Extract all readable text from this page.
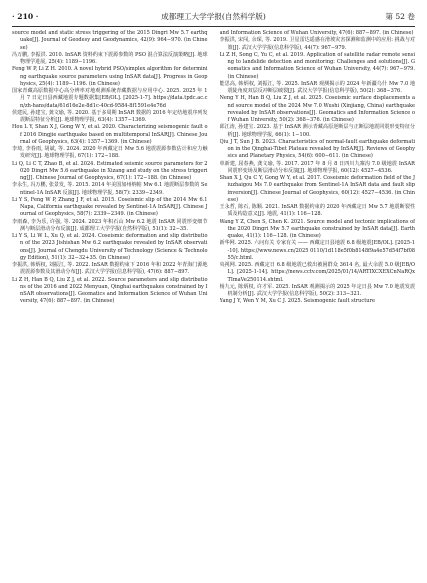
· 210 ·	成都理工大学学报(自然科学版)	第 52 卷

source model and static stress triggering of the 2015 Dingri Mw 5.7 earthquake[J]. Journal of Geodesy and Geodynamics, 42(9): 964−970. (in Chinese)

冯万鹏, 李振洪. 2010. InSAR 资料约束下震源参数的 PSO 混合算法反演策略[J]. 地球物理学进展, 25(4): 1189−1196.

Feng W P, Li Z H. 2010. A novel hybrid PSO/simplex algorithm for determining earthquake source parameters using InSAR data[J]. Progress in Geophysics, 25(4): 1189−1196. (in Chinese)

国家青藏高原数据中心高分辨率对地观测系统青藏数据与应用中心. 2025. 2025 年 1 月 7 日定日县西藏地震专题数据集[EB/OL]. [2025-1-7]. https://data.tpdc.ac.cn/zh-hans/data/61d16e2e-8d1c-40cd-9584-8f1591e4e76d

侯建民, 孙建宝, 龚文瑜, 等. 2020. 基于多周期 InSAR 数据的 2016 年定结地震序列发震断层特征分析[J]. 地球物理学报, 63(4): 1357−1369.

Hou L Y, Shan X J, Gong W Y, et al. 2020. Characterizing seismogenic fault of 2016 Dingjie earthquake based on multitemporal InSAR[J]. Chinese Journal of Geophysics, 63(4): 1357−1369. (in Chinese)

李琦, 李春雨, 胡斌, 等. 2024. 2020 年西藏定日 Mw 5.6 地震震源参数估计和应力触发研究[J]. 地球物理学报, 67(1): 172−188.

Li Q, Li C T, Zhao B, et al. 2024. Estimated seismic source parameters for 2020 Dingri Mw 5.6 earthquake in Xizang and study on the stress triggering[J]. Chinese Journal of Geophysics, 67(1): 172−188. (in Chinese)

李永生, 冯万鹏, 张景发, 等. 2015. 2014 年美国加州纳帕 Mw 6.1 地震断层参数的 Sentinel-1A InSAR 反演[J]. 地球物理学报, 58(7): 2339−2349.

Li Y S, Feng W P, Zhang J F, et al. 2015. Coseismic slip of the 2014 Mw 6.1 Napa, California earthquake revealed by Sentinel-1A InSAR[J]. Chinese Journal of Geophysics, 58(7): 2339−2349. (in Chinese)

李雨森, 李为乐, 许强, 等. 2024. 2023 年积石山 Mw 6.2 地震 InSAR 同震形变细节测与断层滑动分布反演[J]. 成都理工大学学报(自然科学版), 51(1): 32−35.

Li Y S, Li W L, Xu Q, et al. 2024. Coseismic deformation and slip distribution of the 2023 Jishishan Mw 6.2 earthquake revealed by InSAR observations[J]. Journal of Chengdu University of Technology (Science & Technology Edition), 51(1): 32−32+35. (in Chinese)

李振洪, 韩炳权, 刘振江, 等. 2022. InSAR 数据约束下 2016 年和 2022 年青海门源地震震源参数及其滑动分布[J]. 武汉大学学报(信息科学版), 47(6): 887−897.

Li Z H, Han B Q, Liu Z J, et al. 2022. Source parameters and slip distributions of the 2016 and 2022 Menyuan, Qinghai earthquakes constrained by InSAR observations[J]. Geomatics and Information Science of Wuhan University, 47(6): 887−897. (in Chinese)

and Information Science of Wuhan University, 47(6): 887−897. (in Chinese)

李振洪, 宋闯, 余琛, 等. 2019. 卫星雷达遥感在滑坡灾害探测和监测中的应用: 挑战与对策[J]. 武汉大学学报(信息科学版), 44(7): 967−979.

Li Z H, Song C, Yu C, et al. 2019. Application of satellite radar remote sensing to landslide detection and monitoring: Challenges and solutions[J]. Geomatics and Information Science of Wuhan University, 44(7): 967−979. (in Chinese)

能思高, 韩炳权, 刘振江, 等. 2025. InSAR 观测揭示的 2024 年新疆乌什 Mw 7.0 地震陡角度双层反冲断层破裂[J]. 武汉大学学报(信息科学版), 50(2): 368−376.

Neng Y H, Han B Q, Liu Z J, et al. 2025. Coseismic surface displacements and source model of the 2024 Mw 7.0 Wushi (Xinjiang, China) earthquake revealed by InSAR observations[J]. Geomatics and Information Science of Wuhan University, 50(2): 368−376. (in Chinese)

邱江涛, 孙建宝. 2023. 基于 InSAR 测示青藏高原逆断层与正断层地震同震形变特征分析[J]. 地球物理学报, 66(1): 1−100.

Qiu J T, Sun J B. 2023. Characteristics of normal-fault earthquake deformation in the Qinghai-Tibet Plateau revealed by InSAR[J]. Reviews of Geophysics and Planetary Physics, 54(6): 600−611. (in Chinese)

单新建, 屈春燕, 龚文瑜, 等. 2017. 2017 年 8 月 8 日四川九寨沟 7.0 级地震 InSAR 同震形变场及断层滑动分布反演[J]. 地球物理学报, 60(12): 4527−4536.

Shan X J, Qu C Y, Gong W Y, et al. 2017. Coseismic deformation field of the Jiuzhaigou Ms 7.0 earthquake from Sentinel-1A InSAR data and fault slip inversion[J]. Chinese Journal of Geophysics, 60(12): 4527−4536. (in Chinese)

王永哲, 陈石, 陈顺. 2021. InSAR 数据约束的 2020 年西藏定日 Mw 5.7 地震断裂性质及构造意义[J]. 地震, 41(1): 116−128.

Wang Y Z, Chen S, Chen K. 2021. Source model and tectonic implications of the 2020 Dingri Mw 5.7 earthquake constrained by InSAR data[J]. Earthquake, 41(1): 116−128. (in Chinese)

新华网. 2025. 六问有关 专家有关 —— 西藏定日县地震 6.8 级地震[EB/OL]. [2025-1-10]. https://www.news.cn/2025 0110/1d118e5f0b8148f9a4e57d54f7bf0855/c.html.

央视网. 2025. 西藏定日 6.8 级地震已救出被困群众 3614 名, 最大余震 5.0 级[EB/OL]. [2025-1-14]. https://news.cctv.com/2025/01/14/ARTIXCXEXCnNaRQxTImaVe250114.shtml.

杨九元, 陈炳权, 许才军. 2025. InSAR 观测揭示的 2025 年定日县 Mw 7.0 地震发震机制分析[J]. 武汉大学学报(信息科学版), 50(2): 313−321.

Yang J Y, Wen Y M, Xu C J. 2025. Seismogenic fault structure
